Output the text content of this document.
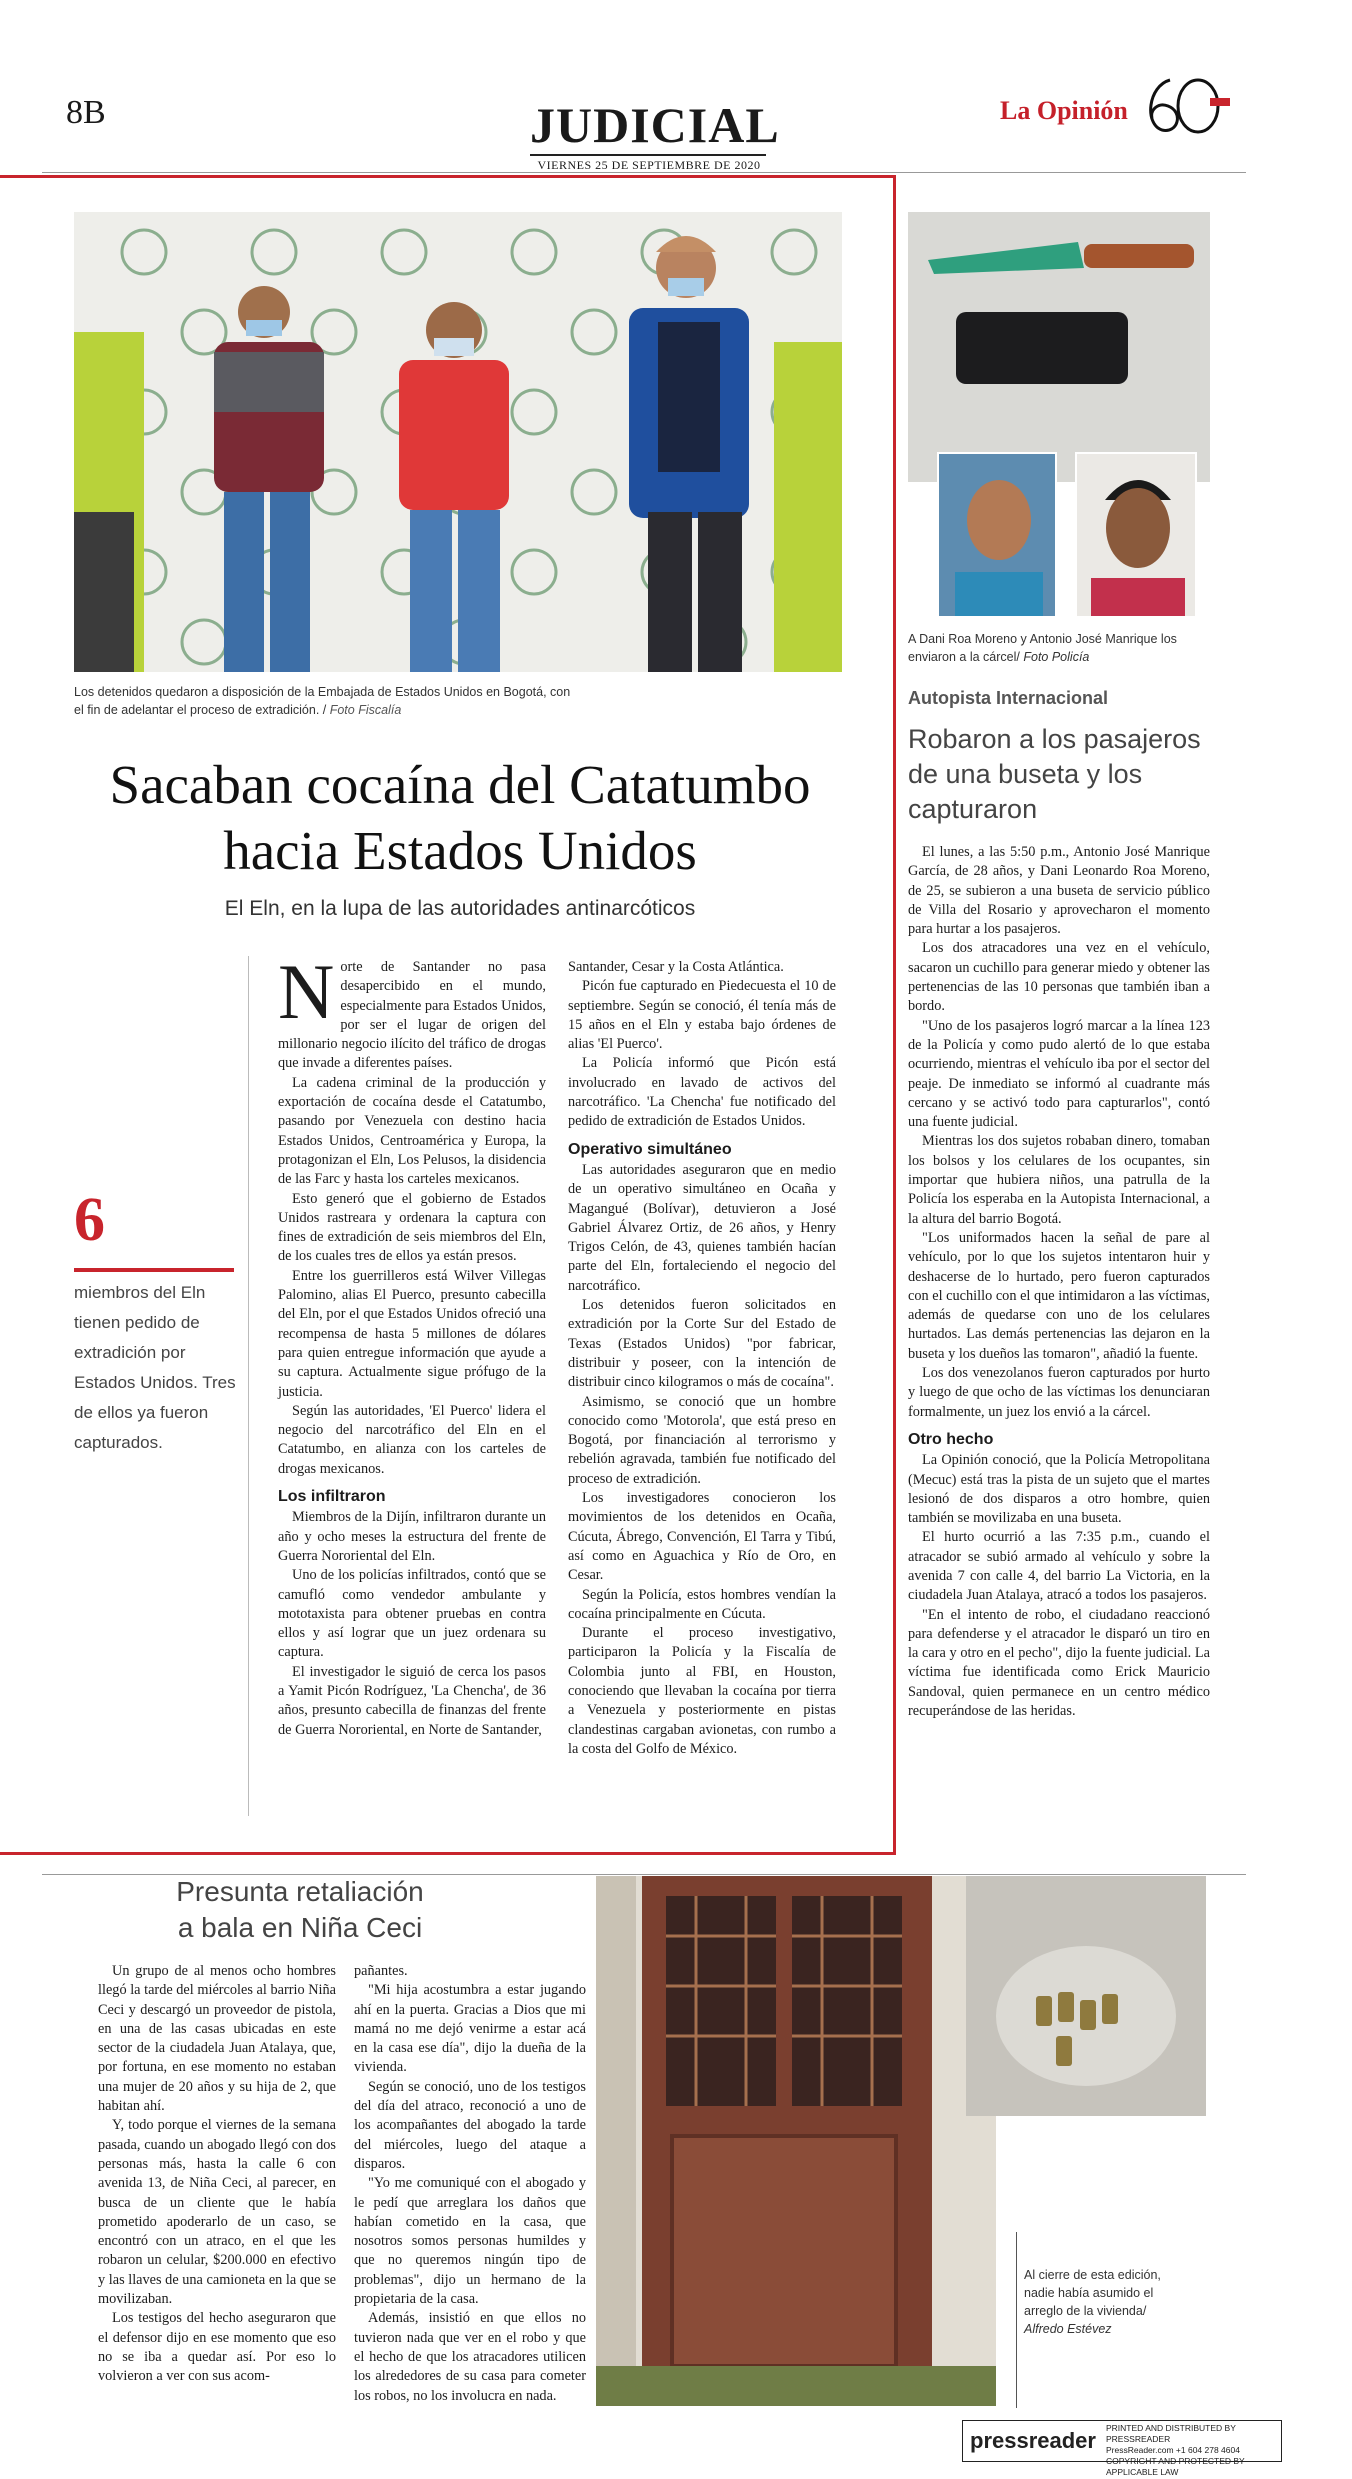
8B	JUDICIAL
VIERNES 25 DE SEPTIEMBRE DE 2020
La Opinión
Los detenidos quedaron a disposición de la Embajada de Estados Unidos en Bogotá, con el fin de adelantar el proceso de extradición. / Foto Fiscalía
Sacaban cocaína del Catatumbo
hacia Estados Unidos
El Eln, en la lupa de las autoridades antinarcóticos
6
miembros del Eln tienen pedido de extradición por Estados Unidos. Tres de ellos ya fueron capturados.

Norte de Santander no pasa desapercibido en el mundo, especialmente para Estados Unidos, por ser el lugar de origen del millonario negocio ilícito del tráfico de drogas que invade a diferentes países.

La cadena criminal de la producción y exportación de cocaína desde el Catatumbo, pasando por Venezuela con destino hacia Estados Unidos, Centroamérica y Europa, la protagonizan el Eln, Los Pelusos, la disidencia de las Farc y hasta los carteles mexicanos.

Esto generó que el gobierno de Estados Unidos rastreara y ordenara la captura con fines de extradición de seis miembros del Eln, de los cuales tres de ellos ya están presos.

Entre los guerrilleros está Wilver Villegas Palomino, alias El Puerco, presunto cabecilla del Eln, por el que Estados Unidos ofreció una recompensa de hasta 5 millones de dólares para quien entregue información que ayude a su captura. Actualmente sigue prófugo de la justicia.

Según las autoridades, 'El Puerco' lidera el negocio del narcotráfico del Eln en el Catatumbo, en alianza con los carteles de drogas mexicanos.

Los infiltraron

Miembros de la Dijín, infiltraron durante un año y ocho meses la estructura del frente de Guerra Nororiental del Eln.

Uno de los policías infiltrados, contó que se camufló como vendedor ambulante y mototaxista para obtener pruebas en contra ellos y así lograr que un juez ordenara su captura.

El investigador le siguió de cerca los pasos a Yamit Picón Rodríguez, 'La Chencha', de 36 años, presunto cabecilla de finanzas del frente de Guerra Nororiental, en Norte de Santander,

Santander, Cesar y la Costa Atlántica.

Picón fue capturado en Piedecuesta el 10 de septiembre. Según se conoció, él tenía más de 15 años en el Eln y estaba bajo órdenes de alias 'El Puerco'.

La Policía informó que Picón está involucrado en lavado de activos del narcotráfico. 'La Chencha' fue notificado del pedido de extradición de Estados Unidos.

Operativo simultáneo

Las autoridades aseguraron que en medio de un operativo simultáneo en Ocaña y Magangué (Bolívar), detuvieron a José Gabriel Álvarez Ortiz, de 26 años, y Henry Trigos Celón, de 43, quienes también hacían parte del Eln, fortaleciendo el negocio del narcotráfico.

Los detenidos fueron solicitados en extradición por la Corte Sur del Estado de Texas (Estados Unidos) "por fabricar, distribuir y poseer, con la intención de distribuir cinco kilogramos o más de cocaína".

Asimismo, se conoció que un hombre conocido como 'Motorola', que está preso en Bogotá, por financiación al terrorismo y rebelión agravada, también fue notificado del proceso de extradición.

Los investigadores conocieron los movimientos de los detenidos en Ocaña, Cúcuta, Ábrego, Convención, El Tarra y Tibú, así como en Aguachica y Río de Oro, en Cesar.

Según la Policía, estos hombres vendían la cocaína principalmente en Cúcuta.

Durante el proceso investigativo, participaron la Policía y la Fiscalía de Colombia junto al FBI, en Houston, conociendo que llevaban la cocaína por tierra a Venezuela y posteriormente en pistas clandestinas cargaban avionetas, con rumbo a la costa del Golfo de México.

A Dani Roa Moreno y Antonio José Manrique los enviaron a la cárcel/ Foto Policía
Autopista Internacional
Robaron a los pasajeros de una buseta y los capturaron

El lunes, a las 5:50 p.m., Antonio José Manrique García, de 28 años, y Dani Leonardo Roa Moreno, de 25, se subieron a una buseta de servicio público de Villa del Rosario y aprovecharon el momento para hurtar a los pasajeros.

Los dos atracadores una vez en el vehículo, sacaron un cuchillo para generar miedo y obtener las pertenencias de las 10 personas que también iban a bordo.

"Uno de los pasajeros logró marcar a la línea 123 de la Policía y como pudo alertó de lo que estaba ocurriendo, mientras el vehículo iba por el sector del peaje. De inmediato se informó al cuadrante más cercano y se activó todo para capturarlos", contó una fuente judicial.

Mientras los dos sujetos robaban dinero, tomaban los bolsos y los celulares de los ocupantes, sin importar que hubiera niños, una patrulla de la Policía los esperaba en la Autopista Internacional, a la altura del barrio Bogotá.

"Los uniformados hacen la señal de pare al vehículo, por lo que los sujetos intentaron huir y deshacerse de lo hurtado, pero fueron capturados con el cuchillo con el que intimidaron a las víctimas, además de quedarse con uno de los celulares hurtados. Las demás pertenencias las dejaron en la buseta y los dueños las tomaron", añadió la fuente.

Los dos venezolanos fueron capturados por hurto y luego de que ocho de las víctimas los denunciaran formalmente, un juez los envió a la cárcel.

Otro hecho

La Opinión conoció, que la Policía Metropolitana (Mecuc) está tras la pista de un sujeto que el martes lesionó de dos disparos a otro hombre, quien también se movilizaba en una buseta.

El hurto ocurrió a las 7:35 p.m., cuando el atracador se subió armado al vehículo y sobre la avenida 7 con calle 4, del barrio La Victoria, en la ciudadela Juan Atalaya, atracó a todos los pasajeros.

"En el intento de robo, el ciudadano reaccionó para defenderse y el atracador le disparó un tiro en la cara y otro en el pecho", dijo la fuente judicial. La víctima fue identificada como Erick Mauricio Sandoval, quien permanece en un centro médico recuperándose de las heridas.

Presunta retaliación
a bala en Niña Ceci

Un grupo de al menos ocho hombres llegó la tarde del miércoles al barrio Niña Ceci y descargó un proveedor de pistola, en una de las casas ubicadas en este sector de la ciudadela Juan Atalaya, que, por fortuna, en ese momento no estaban una mujer de 20 años y su hija de 2, que habitan ahí.

Y, todo porque el viernes de la semana pasada, cuando un abogado llegó con dos personas más, hasta la calle 6 con avenida 13, de Niña Ceci, al parecer, en busca de un cliente que le había prometido apoderarlo de un caso, se encontró con un atraco, en el que les robaron un celular, $200.000 en efectivo y las llaves de una camioneta en la que se movilizaban.

Los testigos del hecho aseguraron que el defensor dijo en ese momento que eso no se iba a quedar así. Por eso lo volvieron a ver con sus acom-

pañantes.

"Mi hija acostumbra a estar jugando ahí en la puerta. Gracias a Dios que mi mamá no me dejó venirme a estar acá en la casa ese día", dijo la dueña de la vivienda.

Según se conoció, uno de los testigos del día del atraco, reconoció a uno de los acompañantes del abogado la tarde del miércoles, luego del ataque a disparos.

"Yo me comuniqué con el abogado y le pedí que arreglara los daños que habían cometido en la casa, que nosotros somos personas humildes y que no queremos ningún tipo de problemas", dijo un hermano de la propietaria de la casa.

Además, insistió en que ellos no tuvieron nada que ver en el robo y que el hecho de que los atracadores utilicen los alrededores de su casa para cometer los robos, no los involucra en nada.

Al cierre de esta edición, nadie había asumido el arreglo de la vivienda/ Alfredo Estévez
pressreader PRINTED AND DISTRIBUTED BY PRESSREADER
PressReader.com +1 604 278 4604
COPYRIGHT AND PROTECTED BY APPLICABLE LAW
